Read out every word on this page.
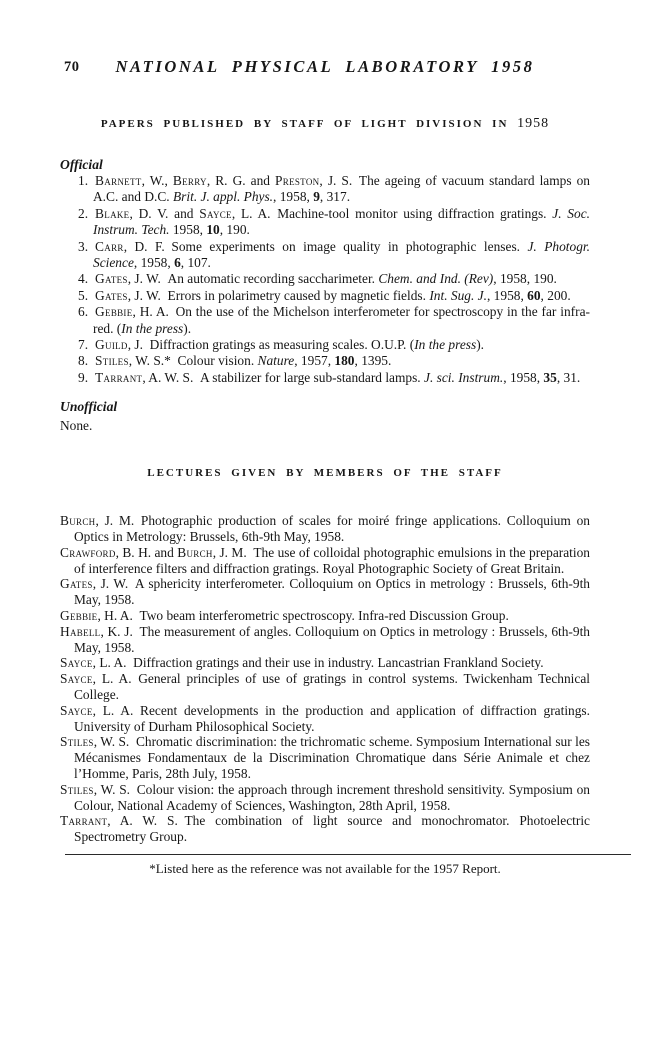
70 NATIONAL PHYSICAL LABORATORY 1958
PAPERS PUBLISHED BY STAFF OF LIGHT DIVISION IN 1958

Official

1. Barnett, W., Berry, R. G. and Preston, J. S. The ageing of vacuum standard lamps on A.C. and D.C. Brit. J. appl. Phys., 1958, 9, 317.
2. Blake, D. V. and Sayce, L. A. Machine-tool monitor using diffraction gratings. J. Soc. Instrum. Tech. 1958, 10, 190.
3. Carr, D. F. Some experiments on image quality in photographic lenses. J. Photogr. Science, 1958, 6, 107.
4. Gates, J. W. An automatic recording saccharimeter. Chem. and Ind. (Rev), 1958, 190.
5. Gates, J. W. Errors in polarimetry caused by magnetic fields. Int. Sug. J., 1958, 60, 200.
6. Gebbie, H. A. On the use of the Michelson interferometer for spectroscopy in the far infra-red. (In the press).
7. Guild, J. Diffraction gratings as measuring scales. O.U.P. (In the press).
8. Stiles, W. S.* Colour vision. Nature, 1957, 180, 1395.
9. Tarrant, A. W. S. A stabilizer for large sub-standard lamps. J. sci. Instrum., 1958, 35, 31.

Unofficial

None.

LECTURES GIVEN BY MEMBERS OF THE STAFF

Burch, J. M. Photographic production of scales for moiré fringe applications. Colloquium on Optics in Metrology: Brussels, 6th-9th May, 1958.

Crawford, B. H. and Burch, J. M. The use of colloidal photographic emulsions in the preparation of interference filters and diffraction gratings. Royal Photographic Society of Great Britain.

Gates, J. W. A sphericity interferometer. Colloquium on Optics in metrology : Brussels, 6th-9th May, 1958.

Gebbie, H. A. Two beam interferometric spectroscopy. Infra-red Discussion Group.

Habell, K. J. The measurement of angles. Colloquium on Optics in metrology : Brussels, 6th-9th May, 1958.

Sayce, L. A. Diffraction gratings and their use in industry. Lancastrian Frankland Society.

Sayce, L. A. General principles of use of gratings in control systems. Twickenham Technical College.

Sayce, L. A. Recent developments in the production and application of diffraction gratings. University of Durham Philosophical Society.

Stiles, W. S. Chromatic discrimination: the trichromatic scheme. Symposium International sur les Mécanismes Fondamentaux de la Discrimination Chromatique dans Série Animale et chez l’Homme, Paris, 28th July, 1958.

Stiles, W. S. Colour vision: the approach through increment threshold sensitivity. Symposium on Colour, National Academy of Sciences, Washington, 28th April, 1958.

Tarrant, A. W. S. The combination of light source and monochromator. Photoelectric Spectrometry Group.

*Listed here as the reference was not available for the 1957 Report.
